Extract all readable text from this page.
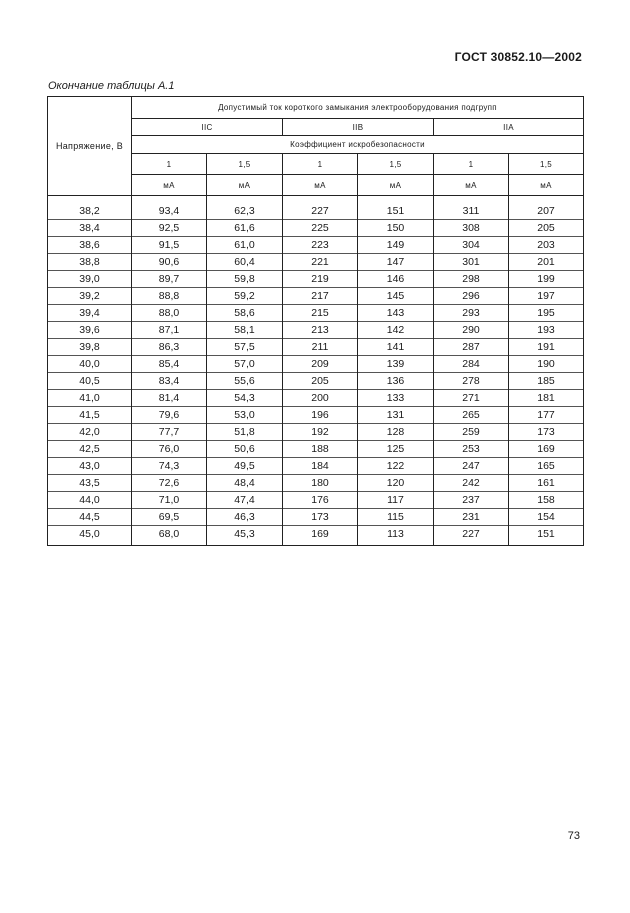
ГОСТ 30852.10—2002
Окончание таблицы А.1
Напряжение, В	Допустимый ток короткого замыкания электрооборудования подгрупп					
	IIC		IIB		IIA	
	Коэффициент искробезопасности					
	1	1,5	1	1,5	1	1,5
	мА	мА	мА	мА	мА	мА
38,2	93,4	62,3	227	151	311	207
38,4	92,5	61,6	225	150	308	205
38,6	91,5	61,0	223	149	304	203
38,8	90,6	60,4	221	147	301	201
39,0	89,7	59,8	219	146	298	199
39,2	88,8	59,2	217	145	296	197
39,4	88,0	58,6	215	143	293	195
39,6	87,1	58,1	213	142	290	193
39,8	86,3	57,5	211	141	287	191
40,0	85,4	57,0	209	139	284	190
40,5	83,4	55,6	205	136	278	185
41,0	81,4	54,3	200	133	271	181
41,5	79,6	53,0	196	131	265	177
42,0	77,7	51,8	192	128	259	173
42,5	76,0	50,6	188	125	253	169
43,0	74,3	49,5	184	122	247	165
43,5	72,6	48,4	180	120	242	161
44,0	71,0	47,4	176	117	237	158
44,5	69,5	46,3	173	115	231	154
45,0	68,0	45,3	169	113	227	151
73
